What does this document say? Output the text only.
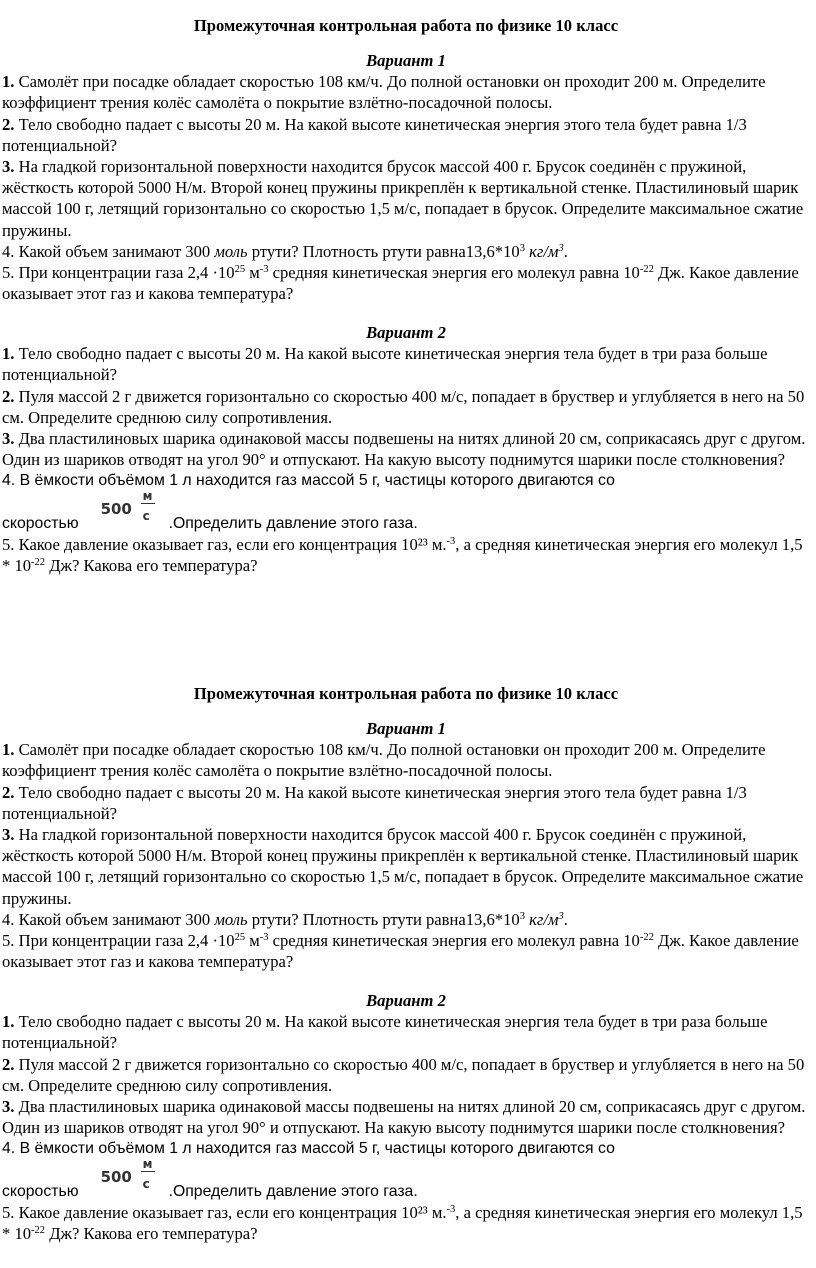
Промежуточная контрольная работа по физике 10 класс
Вариант 1
1. Самолёт при посадке обладает скоростью 108 км/ч. До полной остановки он проходит 200 м. Определите коэффициент трения колёс самолёта о покрытие взлётно-посадочной полосы.
2. Тело свободно падает с высоты 20 м. На какой высоте кинетическая энергия этого тела будет равна 1/3 потенциальной?
3. На гладкой горизонтальной поверхности находится брусок массой 400 г. Брусок соединён с пружиной, жёсткость которой 5000 Н/м. Второй конец пружины прикреплён к вертикальной стенке. Пластилиновый шарик массой 100 г, летящий горизонтально со скоростью 1,5 м/с, попадает в брусок. Определите максимальное сжатие пружины.
4. Какой объем занимают 300 моль ртути? Плотность ртути $равна13,6*10^3$ $кг/м^3$.
5. При концентрации газа $2,4 \cdot 10^{25}$ $м^{-3}$ средняя кинетическая энергия его молекул равна $10^{-22}$ Дж. Какое давление оказывает этот газ и какова температура?
Вариант 2
1. Тело свободно падает с высоты 20 м. На какой высоте кинетическая энергия тела будет в три раза больше потенциальной?
2. Пуля массой 2 г движется горизонтально со скоростью 400 м/с, попадает в бруствер и углубляется в него на 50 см. Определите среднюю силу сопротивления.
3. Два пластилиновых шарика одинаковой массы подвешены на нитях длиной 20 см, соприкасаясь друг с другом. Один из шариков отводят на угол 90° и отпускают. На какую высоту поднимутся шарики после столкновения?
4. В ёмкости объёмом 1 л находится газ массой 5 г, частицы которого двигаются со
скоростью
500
м
с .Определить давление этого газа.
5. Какое давление оказывает газ, если его концентрация 10²³ м.$^{-3}$, а средняя кинетическая энергия его молекул $1,5 * 10^{-22}$ Дж? Какова его температура?
Промежуточная контрольная работа по физике 10 класс
Вариант 1
1. Самолёт при посадке обладает скоростью 108 км/ч. До полной остановки он проходит 200 м. Определите коэффициент трения колёс самолёта о покрытие взлётно-посадочной полосы.
2. Тело свободно падает с высоты 20 м. На какой высоте кинетическая энергия этого тела будет равна 1/3 потенциальной?
3. На гладкой горизонтальной поверхности находится брусок массой 400 г. Брусок соединён с пружиной, жёсткость которой 5000 Н/м. Второй конец пружины прикреплён к вертикальной стенке. Пластилиновый шарик массой 100 г, летящий горизонтально со скоростью 1,5 м/с, попадает в брусок. Определите максимальное сжатие пружины.
4. Какой объем занимают 300 моль ртути? Плотность ртути $равна13,6*10^3$ $кг/м^3$.
5. При концентрации газа $2,4 \cdot 10^{25}$ $м^{-3}$ средняя кинетическая энергия его молекул равна $10^{-22}$ Дж. Какое давление оказывает этот газ и какова температура?
Вариант 2
1. Тело свободно падает с высоты 20 м. На какой высоте кинетическая энергия тела будет в три раза больше потенциальной?
2. Пуля массой 2 г движется горизонтально со скоростью 400 м/с, попадает в бруствер и углубляется в него на 50 см. Определите среднюю силу сопротивления.
3. Два пластилиновых шарика одинаковой массы подвешены на нитях длиной 20 см, соприкасаясь друг с другом. Один из шариков отводят на угол 90° и отпускают. На какую высоту поднимутся шарики после столкновения?
4. В ёмкости объёмом 1 л находится газ массой 5 г, частицы которого двигаются со
скоростью
500
м
с .Определить давление этого газа.
5. Какое давление оказывает газ, если его концентрация 10²³ м.$^{-3}$, а средняя кинетическая энергия его молекул $1,5 * 10^{-22}$ Дж? Какова его температура?
